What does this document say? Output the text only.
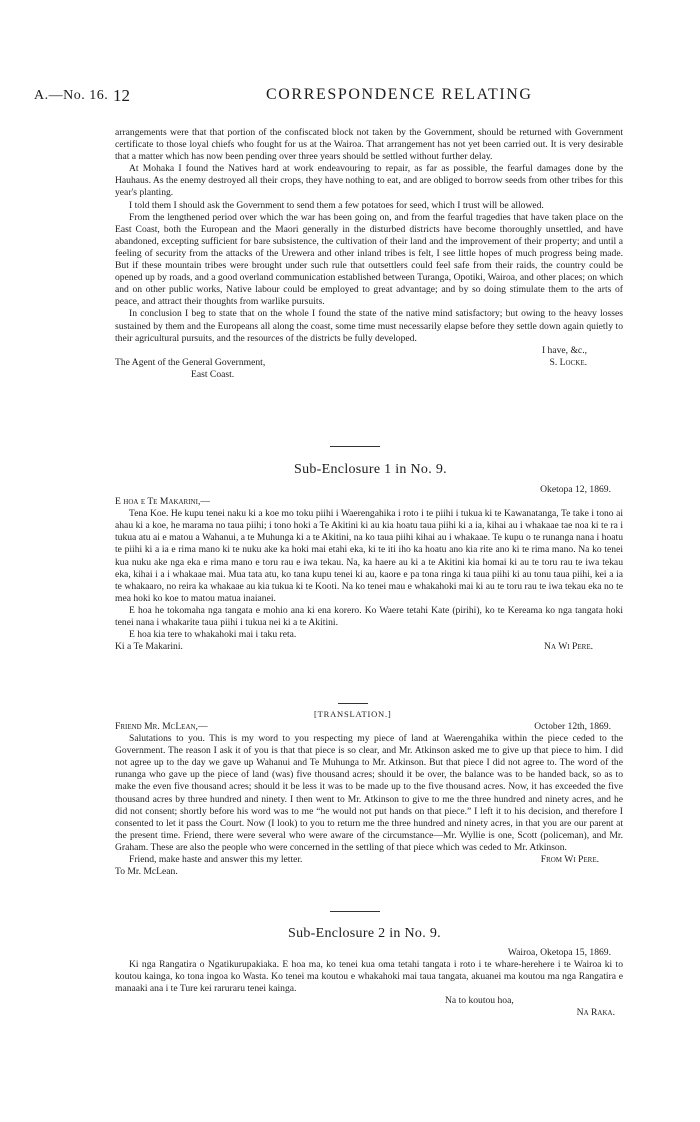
A.—No. 16. 12	CORRESPONDENCE RELATING

arrangements were that that portion of the confiscated block not taken by the Government, should be returned with Government certificate to those loyal chiefs who fought for us at the Wairoa. That arrangement has not yet been carried out. It is very desirable that a matter which has now been pending over three years should be settled without further delay.

At Mohaka I found the Natives hard at work endeavouring to repair, as far as possible, the fearful damages done by the Hauhaus. As the enemy destroyed all their crops, they have nothing to eat, and are obliged to borrow seeds from other tribes for this year's planting.

I told them I should ask the Government to send them a few potatoes for seed, which I trust will be allowed.

From the lengthened period over which the war has been going on, and from the fearful tragedies that have taken place on the East Coast, both the European and the Maori generally in the disturbed districts have become thoroughly unsettled, and have abandoned, excepting sufficient for bare subsistence, the cultivation of their land and the improvement of their property; and until a feeling of security from the attacks of the Urewera and other inland tribes is felt, I see little hopes of much progress being made. But if these mountain tribes were brought under such rule that outsettlers could feel safe from their raids, the country could be opened up by roads, and a good overland communication established between Turanga, Opotiki, Wairoa, and other places; on which and on other public works, Native labour could be employed to great advantage; and by so doing stimulate them to the arts of peace, and attract their thoughts from warlike pursuits.

In conclusion I beg to state that on the whole I found the state of the native mind satisfactory; but owing to the heavy losses sustained by them and the Europeans all along the coast, some time must necessarily elapse before they settle down again quietly to their agricultural pursuits, and the resources of the districts be fully developed.

I have, &c.,
The Agent of the General Government,	S. Locke.
East Coast.
Sub-Enclosure 1 in No. 9.
Oketopa 12, 1869.
E hoa e Te Makarini,—

Tena Koe. He kupu tenei naku ki a koe mo toku piihi i Waerengahika i roto i te piihi i tukua ki te Kawanatanga, Te take i tono ai ahau ki a koe, he marama no taua piihi; i tono hoki a Te Akitini ki au kia hoatu taua piihi ki a ia, kihai au i whakaae tae noa ki te ra i tukua atu ai e matou a Wahanui, a te Muhunga ki a te Akitini, na ko taua piihi kihai au i whakaae. Te kupu o te runanga nana i hoatu te piihi ki a ia e rima mano ki te nuku ake ka hoki mai etahi eka, ki te iti iho ka hoatu ano kia rite ano ki te rima mano. Na ko tenei kua nuku ake nga eka e rima mano e toru rau e iwa tekau. Na, ka haere au ki a te Akitini kia homai ki au te toru rau te iwa tekau eka, kihai i a i whakaae mai. Mua tata atu, ko tana kupu tenei ki au, kaore e pa tona ringa ki taua piihi ki au tonu taua piihi, kei a ia te whakaaro, no reira ka whakaae au kia tukua ki te Kooti. Na ko tenei mau e whakahoki mai ki au te toru rau te iwa tekau eka no te mea hoki ko koe to matou matua inaianei.

E hoa he tokomaha nga tangata e mohio ana ki ena korero. Ko Waere tetahi Kate (pirihi), ko te Kereama ko nga tangata hoki tenei nana i whakarite taua piihi i tukua nei ki a te Akitini.

E hoa kia tere to whakahoki mai i taku reta.

Ki a Te Makarini.	Na Wi Pere.
[TRANSLATION.]
Friend Mr. McLean,—	October 12th, 1869.

Salutations to you. This is my word to you respecting my piece of land at Waerengahika within the piece ceded to the Government. The reason I ask it of you is that that piece is so clear, and Mr. Atkinson asked me to give up that piece to him. I did not agree up to the day we gave up Wahanui and Te Muhunga to Mr. Atkinson. But that piece I did not agree to. The word of the runanga who gave up the piece of land (was) five thousand acres; should it be over, the balance was to be handed back, so as to make the even five thousand acres; should it be less it was to be made up to the five thousand acres. Now, it has exceeded the five thousand acres by three hundred and ninety. I then went to Mr. Atkinson to give to me the three hundred and ninety acres, and he did not consent; shortly before his word was to me “he would not put hands on that piece.” I left it to his decision, and therefore I consented to let it pass the Court. Now (I look) to you to return me the three hundred and ninety acres, in that you are our parent at the present time. Friend, there were several who were aware of the circumstance—Mr. Wyllie is one, Scott (policeman), and Mr. Graham. These are also the people who were concerned in the settling of that piece which was ceded to Mr. Atkinson.

Friend, make haste and answer this my letter.	From Wi Pere.
To Mr. McLean.
Sub-Enclosure 2 in No. 9.
Wairoa, Oketopa 15, 1869.

Ki nga Rangatira o Ngatikurupakiaka. E hoa ma, ko tenei kua oma tetahi tangata i roto i te whare-herehere i te Wairoa ki to koutou kainga, ko tona ingoa ko Wasta. Ko tenei ma koutou e whakahoki mai taua tangata, akuanei ma koutou ma nga Rangatira e manaaki ana i te Ture kei raruraru tenei kainga.

Na to koutou hoa,
Na Raka.
